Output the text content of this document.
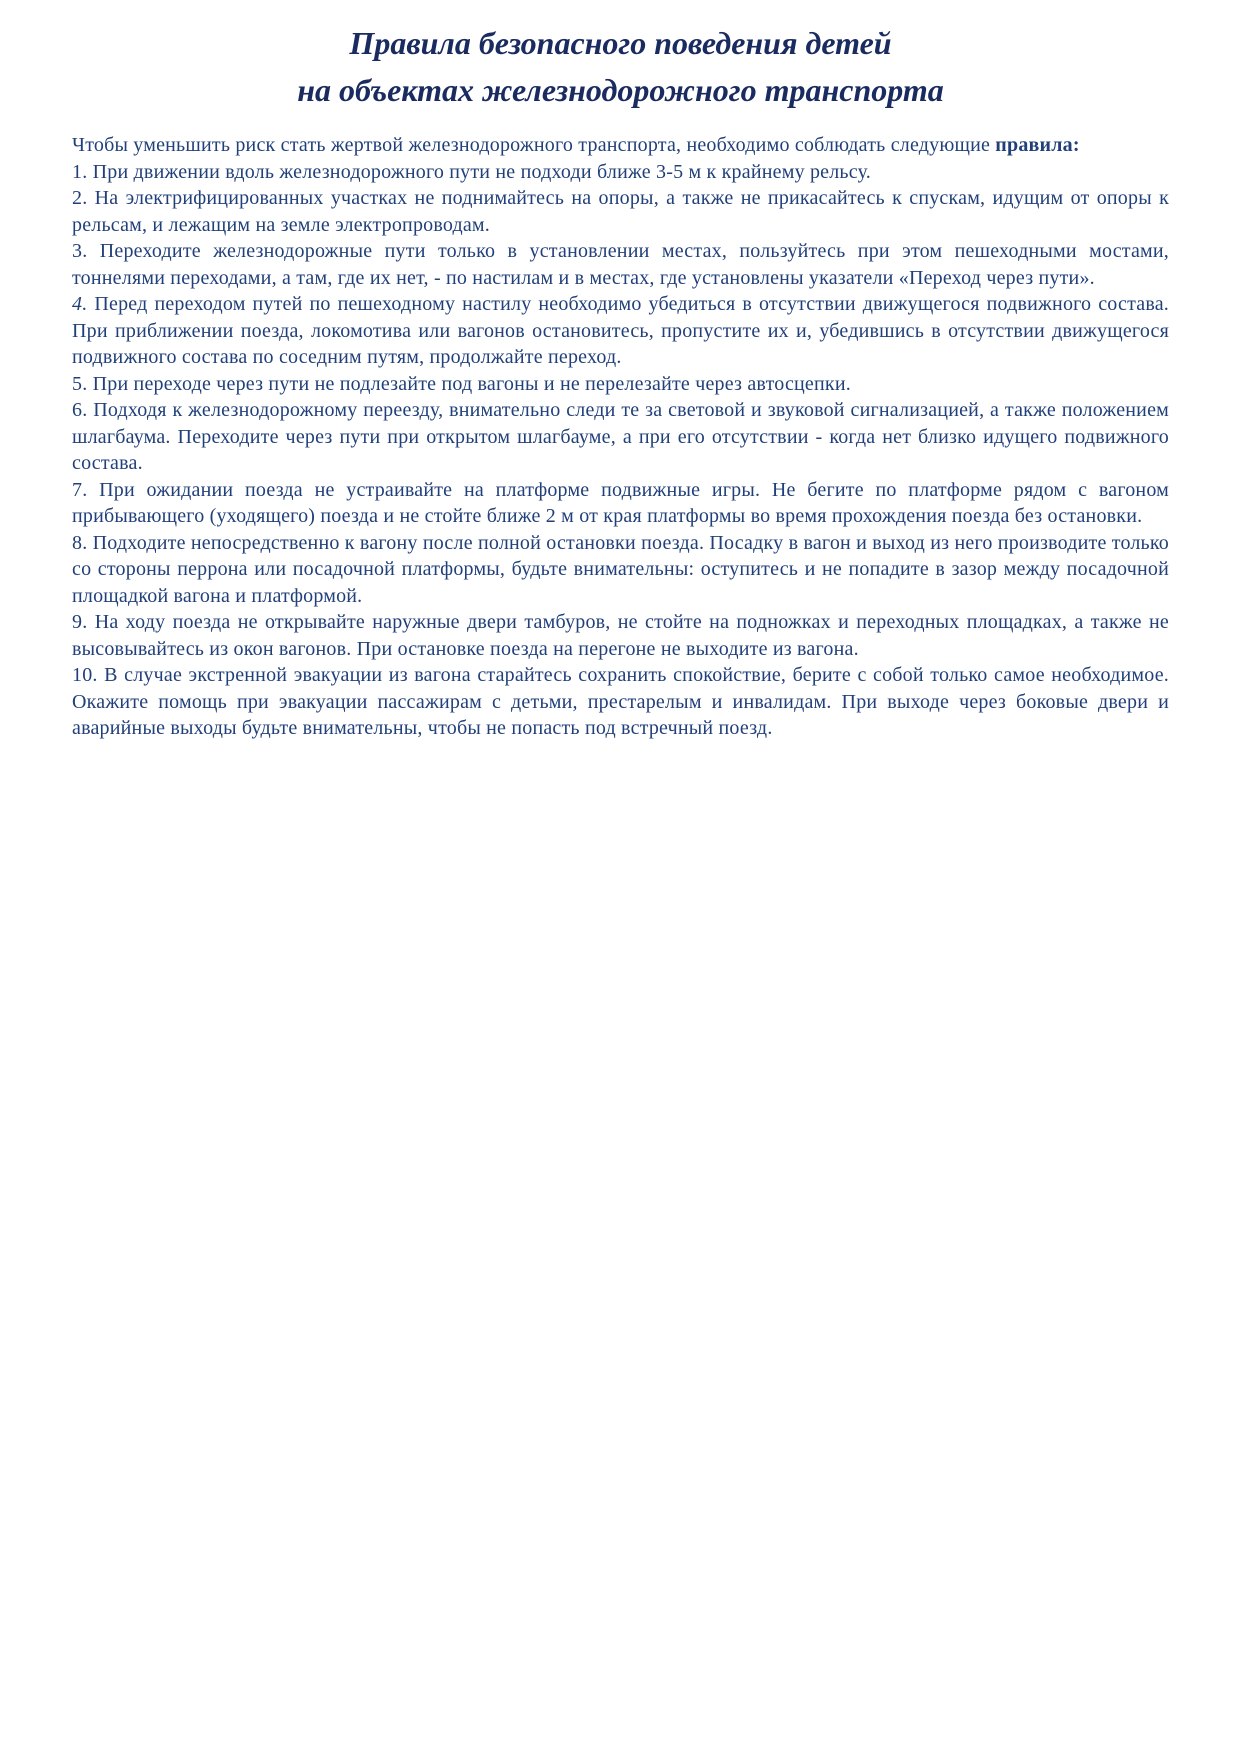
Правила безопасного поведения детей
на объектах железнодорожного транспорта

Чтобы уменьшить риск стать жертвой железнодорожного транспорта, необходимо соблюдать следующие правила:

1. При движении вдоль железнодорожного пути не подходи ближе 3-5 м к крайнему рельсу.

2. На электрифицированных участках не поднимайтесь на опоры, а также не прикасайтесь к спускам, идущим от опоры к рельсам, и лежащим на земле электропроводам.

3. Переходите железнодорожные пути только в установлении местах, пользуйтесь при этом пешеходными мостами, тоннелями переходами, а там, где их нет, - по настилам и в местах, где установлены указатели «Переход через пути».

4. Перед переходом путей по пешеходному настилу необходимо убедиться в отсутствии движущегося подвижного состава. При приближении поезда, локомотива или вагонов остановитесь, пропустите их и, убедившись в отсутствии движущегося подвижного состава по соседним путям, продолжайте переход.

5. При переходе через пути не подлезайте под вагоны и не перелезайте через автосцепки.

6. Подходя к железнодорожному переезду, внимательно следи те за световой и звуковой сигнализацией, а также положением шлагбаума. Переходите через пути при открытом шлагбауме, а при его отсутствии - когда нет близко идущего подвижного состава.

7. При ожидании поезда не устраивайте на платформе подвижные игры. Не бегите по платформе рядом с вагоном прибывающего (уходящего) поезда и не стойте ближе 2 м от края платформы во время прохождения поезда без остановки.

8. Подходите непосредственно к вагону после полной остановки поезда. Посадку в вагон и выход из него производите только со стороны перрона или посадочной платформы, будьте внимательны: оступитесь и не попадите в зазор между посадочной площадкой вагона и платформой.

9. На ходу поезда не открывайте наружные двери тамбуров, не стойте на подножках и переходных площадках, а также не высовывайтесь из окон вагонов. При остановке поезда на перегоне не выходите из вагона.

10. В случае экстренной эвакуации из вагона старайтесь сохранить спокойствие, берите с собой только самое необходимое. Окажите помощь при эвакуации пассажирам с детьми, престарелым и инвалидам. При выходе через боковые двери и аварийные выходы будьте внимательны, чтобы не попасть под встречный поезд.
